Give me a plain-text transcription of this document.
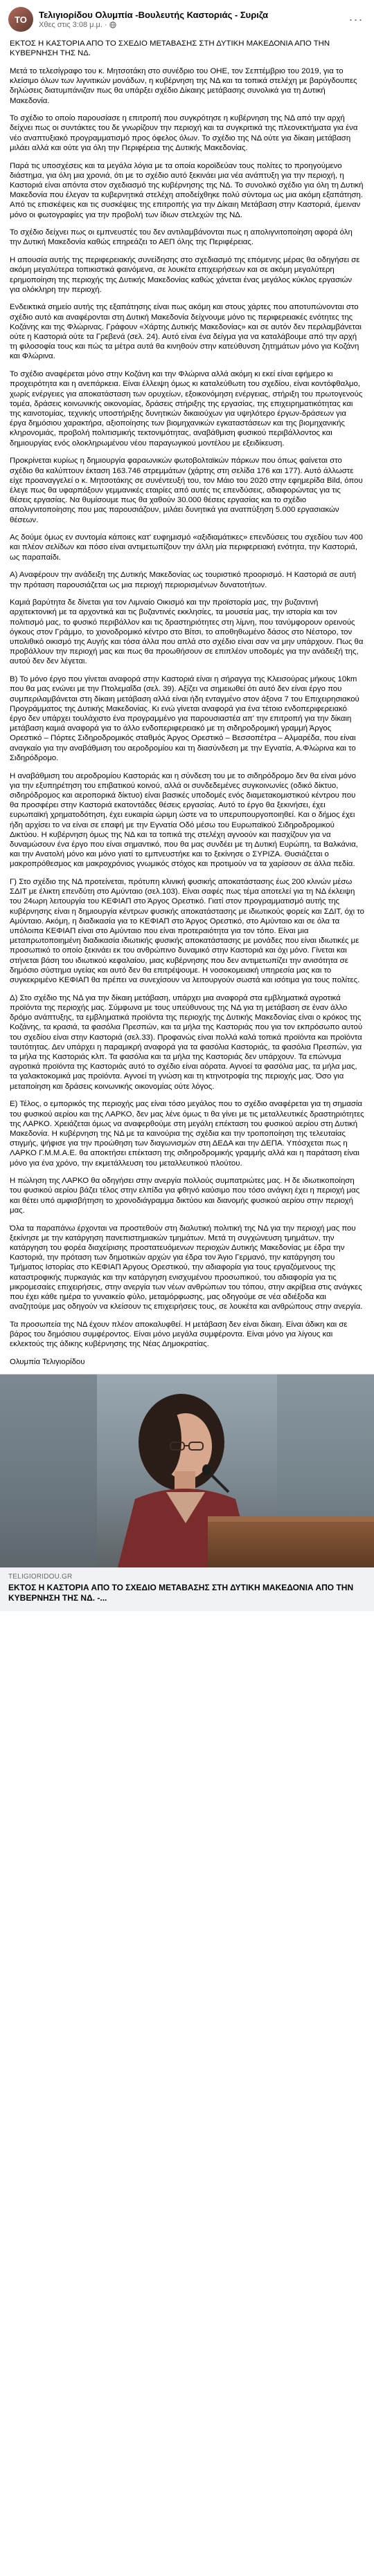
ΤΟ	Τελιγιορίδου Ολυμπία -Βουλευτής Καστοριάς - Συριζα
Χθες στις 3:08 μ.μ. ·	···

ΕΚΤΟΣ Η ΚΑΣΤΟΡΙΑ ΑΠΟ ΤΟ ΣΧΕΔΙΟ ΜΕΤΑΒΑΣΗΣ ΣΤΗ ΔΥΤΙΚΗ ΜΑΚΕΔΟΝΙΑ ΑΠΟ ΤΗΝ ΚΥΒΕΡΝΗΣΗ ΤΗΣ ΝΔ.

Μετά το τελεσίγραφο του κ. Μητσοτάκη στο συνέδριο του ΟΗΕ, τον Σεπτέμβριο του 2019, για το κλείσιμο όλων των λιγνιτικών μονάδων, η κυβέρνηση της ΝΔ και τα τοπικά στελέχη με βαρύγδουπες δηλώσεις διατυμπάνιζαν πως θα υπάρξει σχέδιο Δίκαιης μετάβασης συνολικά για τη Δυτική Μακεδονία.

Το σχέδιο το οποίο παρουσίασε η επιτροπή που συγκρότησε η κυβέρνηση της ΝΔ από την αρχή δείχνει πως οι συντάκτες του δε γνωρίζουν την περιοχή και τα συγκριτικά της πλεονεκτήματα για ένα νέο αναπτυξιακό προγραμματισμό προς όφελος όλων. Το σχέδιο της ΝΔ ούτε για δίκαιη μετάβαση μιλάει αλλά και ούτε για όλη την Περιφέρεια της Δυτικής Μακεδονίας.

Παρά τις υποσχέσεις και τα μεγάλα λόγια με τα οποία κοροϊδεύαν τους πολίτες το προηγούμενο διάστημα, για όλη μια χρονιά, ότι με το σχέδιο αυτό ξεκινάει μια νέα ανάπτυξη για την περιοχή, η Καστοριά είναι απόντα στον σχεδιασμό της κυβέρνησης της ΝΔ. Το συνολικό σχέδιο για όλη τη Δυτική Μακεδονία που έλεγαν τα κυβερνητικά στελέχη αποδείχθηκε πολύ σύντομα ως μια ακόμη εξαπάτηση. Από τις επισκέψεις και τις συσκέψεις της επιτροπής για την Δίκαιη Μετάβαση στην Καστοριά, έμειναν μόνο οι φωτογραφίες για την προβολή των ίδιων στελεχών της ΝΔ.

Το σχέδιο δείχνει πως οι εμπνευστές του δεν αντιλαμβάνονται πως η απολιγνιτοποίηση αφορά όλη την Δυτική Μακεδονία καθώς επηρεάζει το ΑΕΠ όλης της Περιφέρειας.

Η απουσία αυτής της περιφερειακής συνείδησης στο σχεδιασμό της επόμενης μέρας θα οδηγήσει σε ακόμη μεγαλύτερα τοπικιστικά φαινόμενα, σε λουκέτα επιχειρήσεων και σε ακόμη μεγαλύτερη ερημοποίηση της περιοχής της Δυτικής Μακεδονίας καθώς χάνεται ένας μεγάλος κύκλος εργασιών για ολόκληρη την περιοχή.

Ενδεικτικά σημείο αυτής της εξαπάτησης είναι πως ακόμη και στους χάρτες που αποτυπώνονται στο σχέδιο αυτό και αναφέρονται στη Δυτική Μακεδονία δείχνουμε μόνο τις περιφερειακές ενότητες της Κοζάνης και της Φλώρινας. Γράφουν «Χάρτης Δυτικής Μακεδονίας» και σε αυτόν δεν περιλαμβάνεται ούτε η Καστοριά ούτε τα Γρεβενά (σελ. 24). Αυτό είναι ένα δείγμα για να καταλάβουμε από την αρχή τη φιλοσοφία τους και πώς τα μέτρα αυτά θα κινηθούν στην κατεύθυνση ζητημάτων μόνο για Κοζάνη και Φλώρινα.

Το σχέδιο αναφέρεται μόνο στην Κοζάνη και την Φλώρινα αλλά ακόμη κι εκεί είναι εφήμερο κι προχειρότητα και η ανεπάρκεια. Είναι έλλειψη όμως κι καταλεύθωτη του σχεδίου, είναι κοντόφθαλμο, χωρίς ενέργειες για αποκατάσταση των ορυχείων, εξοικονόμηση ενέργειας, στήριξη του πρωτογενούς τομέα, δράσεις κοινωνικής οικονομίας, δράσεις στήριξης της εργασίας, της επιχειρηματικότητας και της καινοτομίας, τεχνικής υποστήριξης δυνητικών δικαιούχων για υψηλότερο έργων-δράσεων για έργα δημόσιου χαρακτήρα, αξιοποίησης των βιομηχανικών εγκαταστάσεων και της βιομηχανικής κληρονομιάς, προβολή πολιτισμικής τεκτονιμότητας, αναβάθμιση φυσικού περιβάλλοντος και δημιουργίας ενός ολοκληρωμένου νέου παραγωγικού μοντέλου με εξειδίκευση.

Προκρίνεται κυρίως η δημιουργία φαραωνικών φωτοβολταϊκών πάρκων που όπως φαίνεται στο σχέδιο θα καλύπτουν έκταση 163.746 στρεμμάτων (χάρτης στη σελίδα 176 και 177). Αυτό άλλωστε είχε προαναγγελεί ο κ. Μητσοτάκης σε συνέντευξή του, τον Μάιο του 2020 στην εφημερίδα Βild, όπου έλεγε πως θα υφαρπάξουν γεμμανικές εταιρίες από αυτές τις επενδύσεις, αδιαφορώντας για τις θέσεις εργασίας. Να θυμίσουμε πως θα χαθούν 30.000 θέσεις εργασίας και το σχέδιο απολιγνιτοποίησης που μας παρουσιάζουν, μιλάει δυνητικά για ανατπύξηση 5.000 εργασιακών θέσεων.

Ας δούμε όμως εν συντομία κάποιες κατ' ευφημισμό «αξιδιαμάτικες» επενδύσεις του σχεδίου των 400 και πλέον σελίδων και πόσο είναι αντιμετωπίζουν την άλλη μία περιφερειακή ενότητα, την Καστοριά, ως παραπαίδι.

Α) Αναφέρουν την ανάδειξη της Δυτικής Μακεδονίας ως τουριστικό προορισμό. Η Καστοριά σε αυτή την πρόταση παρουσιάζεται ως μια περιοχή περιορισμένων δυνατοτήτων.

Καμιά βαρύτητα δε δίνεται για τον Λιμναίο Οικισμό και την προϊστορία μας, την βυζαντινή αρχιτεκτονική με τα αρχοντικά και τις βυζαντινές εκκλησίες, τα μουσεία μας, την ιστορία και τον πολιτισμό μας, το φυσικό περιβάλλον και τις δραστηριότητες στη λίμνη, που τανύμφορουν ορεινούς όγκους στον Γράμμο, το χιονοδρομικό κέντρο στο Βίτσι, το αποθηθωμένο δάσος στο Νέστορο, τον υπολιθικό οικισμό της Αυγής και τόσα άλλα που απλά στο σχέδιο είναι σαν να μην υπάρχουν. Πως θα προβάλλουν την περιοχή μας και πως θα προωθήσουν σε επιπλέον υποδομές για την ανάδειξή της, αυτού δεν δεν λέγεται.

Β) Το μόνο έργο που γίνεται αναφορά στην Καστοριά είναι η σήραγγα της Κλεισούρας μήκους 10km που θα μας ενώνει με την Πτολεμαΐδα (σελ. 39). Αξίζει να σημειωθεί ότι αυτό δεν είναι έργο που συμπεριλαμβάνεται στη δίκαιη μετάβαση αλλά είναι ήδη ενταγμένο στον άξονα 7 του Επιχειρησιακού Προγράμματος της Δυτικής Μακεδονίας. Κι ενώ γίνεται αναφορά για ένα τέτοιο ενδοπεριφερειακό έργο δεν υπάρχει τουλάχιστο ένα προγραμμένο για παρουσιαστέα απ' την επιτροπή για την δίκαιη μετάβαση καμιά αναφορά για το άλλο ενδοπεριφερειακό με τη σιδηροδρομική γραμμή Άργος Ορεστικό – Πόρτες Σιδηροδρομικός σταθμός Άργος Ορεστικό – Βεσσοπέτρα – Αλμαρέδα, που είναι αναγκαίο για την αναβάθμιση του αεροδρομίου και τη διασύνδεση με την Εγνατία, Α.Φλώρινα και το Σιδηρόδρομο.

Η αναβάθμιση του αεροδρομίου Καστοριάς και η σύνδεση του με το σιδηρόδρομο δεν θα είναι μόνο για την εξυπηρέτηση του επιβατικού κοινού, αλλά οι συνδεδεμένες συγκοινωνίες (οδικό δίκτυο, σιδηρόδρομος και αεροπορικά δίκτυο) είναι βασικές υποδομές ενός διαμετακομιστικού κέντρου που θα προσφέρει στην Καστοριά εκατοντάδες θέσεις εργασίας. Αυτό το έργο θα ξεκινήσει, έχει ευρωπαϊκή χρηματοδότηση, έχει ευκαιρία ώριμη ώστε να το υπερυπουργοποιηθεί. Και ο δήμος έχει ήδη αρχίσει το να είναι σε επαφή με την Εγνατία Οδό μέσω του Ευρωπαϊκού Σιδηροδρομικού Δικτύου. Η κυβέρνηση όμως της ΝΔ και τα τοπικά της στελέχη αγνοούν και πασχίζουν για να δυναμώσουν ένα έργο που είναι σημαντικό, που θα μας συνδέει με τη Δυτική Ευρώπη, τα Βαλκάνια, και την Ανατολή μόνο και μόνο γιατί το εμπνευστήκε και το ξεκίνησε ο ΣΥΡΙΖΑ. Θυσιάζεται ο μακροπρόθεσμος και μακροχρόνιος γνωμικός στόχος και προτιμούν να τα χαρίσουν σε άλλα πεδία.

Γ) Στο σχέδιο της ΝΔ προτείνεται, πρότυπη κλινική φυσικής αποκατάστασης έως 200 κλινών μέσω ΣΔΙΤ με έλικτη επενδύτη στο Αμύνταιο (σελ.103). Είναι σαφές πως τέμα αποτελεί για τη ΝΔ έκλειψη του 24ωρη λειτουργία του ΚΕΦΙΑΠ στο Άργος Ορεστικό. Γιατί στον προγραμματισμό αυτής της κυβέρνησης είναι η δημιουργία κέντρων φυσικής αποκατάστασης με ιδιωτικούς φορείς και ΣΔΙΤ, όχι το Αμύνταιο. Ακόμη, η διαδικασία για το ΚΕΦΙΑΠ στο Άργος Ορεστικό, στο Αμύνταιο και σε όλα τα υπόλοιπα ΚΕΦΙΑΠ είναι στο Αμύνταιο που είναι προτεραιότητα για τον τόπο. Είναι μια μεταπρωτοποιημένη διαδικασία ιδιωτικής φυσικής αποκατάστασης με μονάδες που είναι ιδιωτικές με προσωπικό το οποίο ξεκινάει εκ του ανθρώπινο δυναμικό στην Καστοριά και όχι μόνο. Γίνεται και στήνεται βάση του ιδιωτικού κεφαλαίου, μιας κυβέρνησης που δεν αντιμετωπίζει την ανισότητα σε δημόσιο σύστημα υγείας και αυτό δεν θα επιτρέψουμε. Η νοσοκομειακή υπηρεσία μας και το συγκεκριμένο ΚΕΦΙΑΠ θα πρέπει να συνεχίσουν να λειτουργούν σωστά και ισότιμα για τους πολίτες.

Δ) Στο σχέδιο της ΝΔ για την δίκαιη μετάβαση, υπάρχει μια αναφορά στα εμβληματικά αγροτικά προϊόντα της περιοχής μας. Σύμφωνα με τους υπεύθυνους της ΝΔ για τη μετάβαση σε έναν άλλο δρόμο ανάπτυξης, τα εμβληματικά προϊόντα της περιοχής της Δυτικής Μακεδονίας είναι ο κρόκος της Κοζάνης, τα κρασιά, τα φασόλια Πρεσπών, και τα μήλα της Καστοριάς που για τον εκπρόσωπο αυτού του σχεδίου είναι στην Καστοριά (σελ.33). Προφανώς είναι πολλά καλά τοπικά προϊόντα και προϊόντα ταυτότητας. Δεν υπάρχει η παραμικρή αναφορά για τα φασόλια Καστοριάς, τα φασόλια Πρεσπών, για τα μήλα της Καστοριάς κλπ. Τα φασόλια και τα μήλα της Καστοριάς δεν υπάρχουν. Τα επώνυμα αγροτικά προϊόντα της Καστοριάς αυτό το σχέδιο είναι αόρατα. Αγνοεί τα φασόλια μας, τα μήλα μας, τα γαλακτοκομικά μας προϊόντα. Αγνοεί τη γνώση και τη κτηνοτροφία της περιοχής μας. Όσο για μεταποίηση και δράσεις κοινωνικής οικονομίας ούτε λόγος.

Ε) Τέλος, ο εμπορικός της περιοχής μας είναι τόσο μεγάλος που το σχέδιο αναφέρεται για τη σημασία του φυσικού αερίου και της ΛΑΡΚΟ, δεν μας λένε όμως τι θα γίνει με τις μεταλλευτικές δραστηριότητες της ΛΑΡΚΟ. Χρειάζεται όμως να αναφερθούμε στη μεγάλη επέκταση του φυσικού αερίου στη Δυτική Μακεδονία. Η κυβέρνηση της ΝΔ με τα καινούρια της σχέδια και την τροποποίηση της τελευταίας στιγμής, ψήφισε για την προώθηση των διαγωνισμών στη ΔΕΔΑ και την ΔΕΠΑ. Υπόσχεται πως η ΛΑΡΚΟ Γ.Μ.Μ.Α.Ε. θα αποκτήσει επέκταση της σιδηροδρομικής γραμμής αλλά και η παράταση είναι μόνο για ένα χρόνο, την εκμετάλλευση του μεταλλευτικού πλούτου.

Η πώληση της ΛΑΡΚΟ θα οδηγήσει στην ανεργία πολλούς συμπατριώτες μας. Η δε ιδιωτικοποίηση του φυσικού αερίου βάζει τέλος στην ελπίδα για φθηνό καύσιμο που τόσο ανάγκη έχει η περιοχή μας και θέτει υπό αμφισβήτηση το χρονοδιάγραμμα δικτύου και διανομής φυσικού αερίου στην περιοχή μας.

Όλα τα παραπάνω έρχονται να προστεθούν στη διαλυτική πολιτική της ΝΔ για την περιοχή μας που ξεκίνησε με την κατάργηση πανεπιστημιακών τμημάτων. Μετά τη συγχώνευση τμημάτων, την κατάργηση του φορέα διαχείρισης προστατευόμενων περιοχών Δυτικής Μακεδονίας με έδρα την Καστοριά, την πρόταση των δημοτικών αρχών για έδρα τον Άγιο Γερμανό, την κατάργηση του Τμήματος Ιστορίας στο ΚΕΦΙΑΠ Άργους Ορεστικού, την αδιαφορία για τους εργαζόμενους της καταστροφικής πυρκαγιάς και την κατάργηση ενισχυμένου προσωπικού, του αδιαφορία για τις μικρομεσαίες επιχειρήσεις, στην ανεργία των νέων ανθρώπων του τόπου, στην ακρίβεια στις ανάγκες που έχει κάθε ημέρα το γυναικείο φύλο, μεταμόρφωσης, μας οδηγούμε σε νέα αδιέξοδα και αναζητούμε μας οδηγούν να κλείσουν τις επιχειρήσεις τους, σε λουκέτα και ανθρώπους στην ανεργία.

Τα προσωπεία της ΝΔ έχουν πλέον αποκαλυφθεί. Η μετάβαση δεν είναι δίκαιη. Είναι άδικη και σε βάρος του δημόσιου συμφέροντος. Είναι μόνο μεγάλα συμφέροντα. Είναι μόνο για λίγους και εκλεκτούς της άδικης κυβέρνησης της Νέας Δημοκρατίας.

Ολυμπία Τελιγιορίδου

TELIGIORIDOU.GR
ΕΚΤΟΣ Η ΚΑΣΤΟΡΙΑ ΑΠΟ ΤΟ ΣΧΕΔΙΟ ΜΕΤΑΒΑΣΗΣ ΣΤΗ ΔΥΤΙΚΗ ΜΑΚΕΔΟΝΙΑ ΑΠΟ ΤΗΝ ΚΥΒΕΡΝΗΣΗ ΤΗΣ ΝΔ. -...
